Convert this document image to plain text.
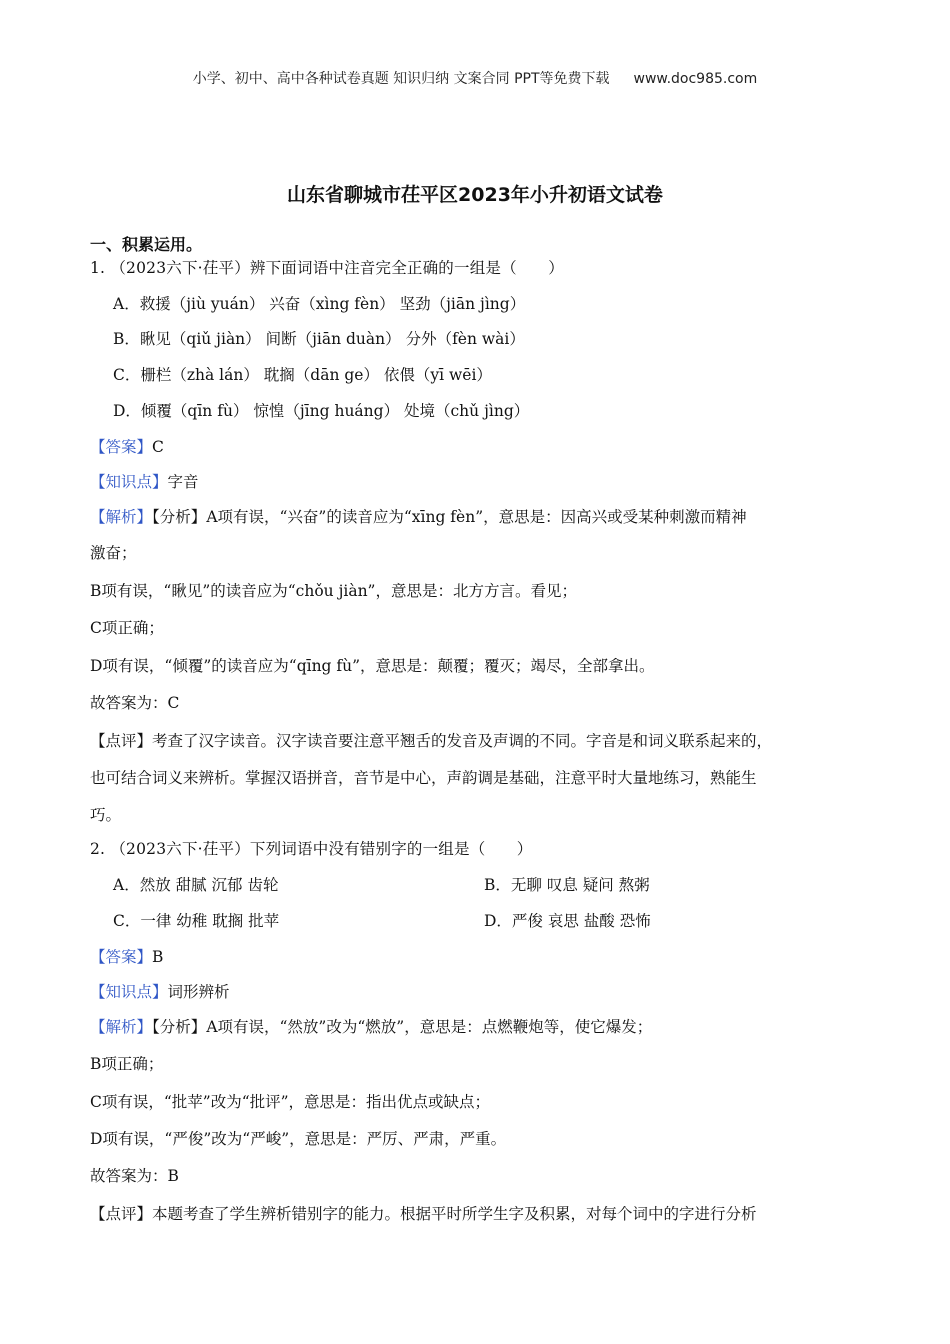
小学、初中、高中各种试卷真题 知识归纳 文案合同 PPT等免费下载 www.doc985.com
山东省聊城市茌平区2023年小升初语文试卷
一、积累运用。
1. （2023六下·茌平）辨下面词语中注音完全正确的一组是（　　）
A．救援（jiù yuán） 兴奋（xìng fèn） 坚劲（jiān jìng）
B．瞅见（qiǔ jiàn） 间断（jiān duàn） 分外（fèn wài）
C．栅栏（zhà lán） 耽搁（dān ge） 依偎（yī wēi）
D．倾覆（qīn fù） 惊惶（jīng huáng） 处境（chǔ jìng）
【答案】C
【知识点】字音
【解析】【分析】A项有误，“兴奋”的读音应为“xīng fèn”，意思是：因高兴或受某种刺激而精神
激奋；
B项有误，“瞅见”的读音应为“chǒu jiàn”，意思是：北方方言。看见；
C项正确；
D项有误，“倾覆”的读音应为“qīng fù”，意思是：颠覆；覆灭；竭尽，全部拿出。
故答案为：C
【点评】考查了汉字读音。汉字读音要注意平翘舌的发音及声调的不同。字音是和词义联系起来的，
也可结合词义来辨析。掌握汉语拼音，音节是中心，声韵调是基础，注意平时大量地练习，熟能生
巧。
2. （2023六下·茌平）下列词语中没有错别字的一组是（　　）
A．然放 甜腻 沉郁 齿轮	B．无聊 叹息 疑问 熬粥
C．一律 幼稚 耽搁 批苹	D．严俊 哀思 盐酸 恐怖
【答案】B
【知识点】词形辨析
【解析】【分析】A项有误，“然放”改为“燃放”，意思是：点燃鞭炮等，使它爆发；
B项正确；
C项有误，“批苹”改为“批评”，意思是：指出优点或缺点；
D项有误，“严俊”改为“严峻”，意思是：严厉、严肃，严重。
故答案为：B
【点评】本题考查了学生辨析错别字的能力。根据平时所学生字及积累，对每个词中的字进行分析
